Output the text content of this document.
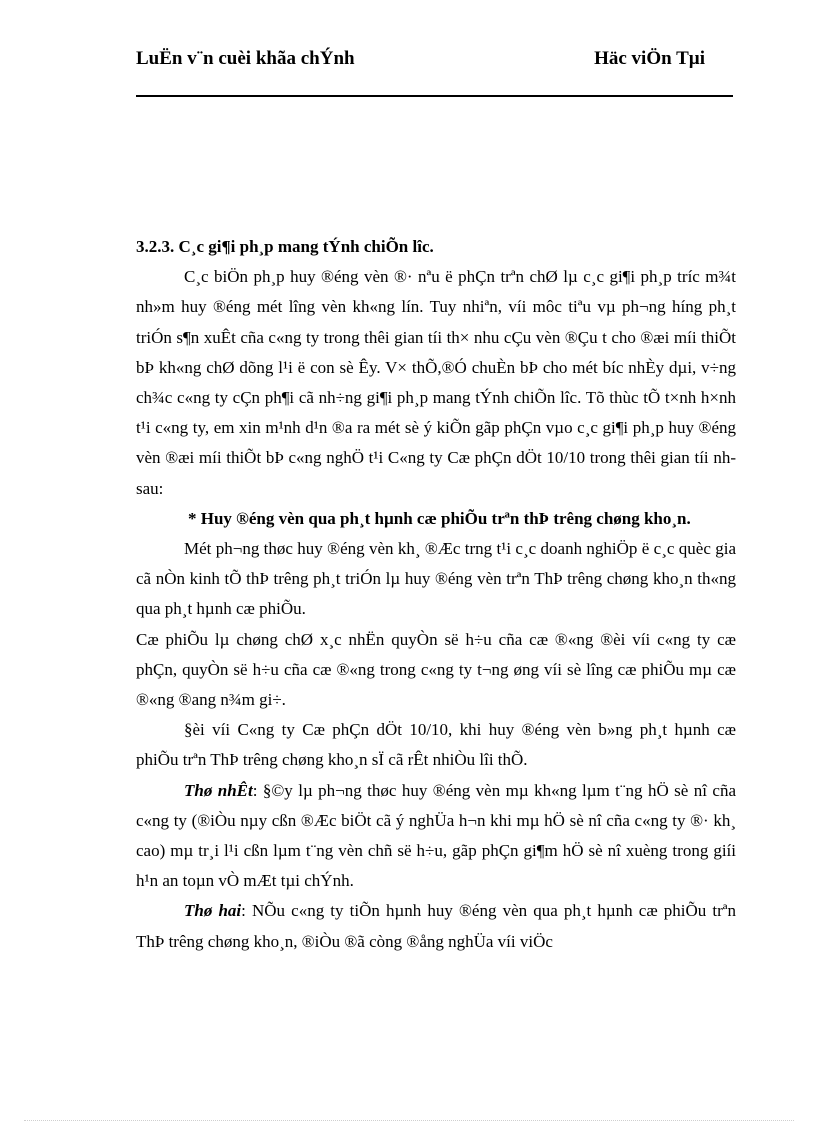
LuËn v¨n cuèi khãa chÝnh	Häc viÖn Tµi

3.2.3. C¸c gi¶i ph¸p mang tÝnh chiÕn lîc.

C¸c biÖn ph¸p huy ®éng vèn ®· nªu ë phÇn trªn chØ lµ c¸c gi¶i ph¸p tríc m¾t nh»m huy ®éng mét lîng vèn kh«ng lín. Tuy nhiªn, víi môc tiªu vµ ph¬ng híng ph¸t triÓn s¶n xuÊt cña c«ng ty trong thêi gian tíi th× nhu cÇu vèn ®Çu t cho ®æi míi thiÕt bÞ kh«ng chØ dõng l¹i ë con sè Êy. V× thÕ,®Ó chuÈn bÞ cho mét bíc nhÈy dµi, v÷ng ch¾c c«ng ty cÇn ph¶i cã nh÷ng gi¶i ph¸p mang tÝnh chiÕn lîc. Tõ thùc tÕ t×nh h×nh t¹i c«ng ty, em xin m¹nh d¹n ®a ra mét sè ý kiÕn gãp phÇn vµo c¸c gi¶i ph¸p huy ®éng vèn ®æi míi thiÕt bÞ c«ng nghÖ t¹i C«ng ty Cæ phÇn dÖt 10/10 trong thêi gian tíi nh sau:

* Huy ®éng vèn qua ph¸t hµnh cæ phiÕu trªn thÞ trêng chøng kho¸n.

Mét ph¬ng thøc huy ®éng vèn kh¸ ®Æc trng t¹i c¸c doanh nghiÖp ë c¸c quèc gia cã nÒn kinh tÕ thÞ trêng ph¸t triÓn lµ huy ®éng vèn trªn ThÞ trêng chøng kho¸n th«ng qua ph¸t hµnh cæ phiÕu.

Cæ phiÕu lµ chøng chØ x¸c nhËn quyÒn së h÷u cña cæ ®«ng ®èi víi c«ng ty cæ phÇn, quyÒn së h÷u cña cæ ®«ng trong c«ng ty t¬ng øng víi sè lîng cæ phiÕu mµ cæ ®«ng ®ang n¾m gi÷.

§èi víi C«ng ty Cæ phÇn dÖt 10/10, khi huy ®éng vèn b»ng ph¸t hµnh cæ phiÕu trªn ThÞ trêng chøng kho¸n sÏ cã rÊt nhiÒu lîi thÕ.

Thø nhÊt: §©y lµ ph¬ng thøc huy ®éng vèn mµ kh«ng lµm t¨ng hÖ sè nî cña c«ng ty (®iÒu nµy cßn ®Æc biÖt cã ý nghÜa h¬n khi mµ hÖ sè nî cña c«ng ty ®· kh¸ cao) mµ tr¸i l¹i cßn lµm t¨ng vèn chñ së h÷u, gãp phÇn gi¶m hÖ sè nî xuèng trong giíi h¹n an toµn vÒ mÆt tµi chÝnh.

Thø hai: NÕu c«ng ty tiÕn hµnh huy ®éng vèn qua ph¸t hµnh cæ phiÕu trªn ThÞ trêng chøng kho¸n, ®iÒu ®ã còng ®ång nghÜa víi viÖc
